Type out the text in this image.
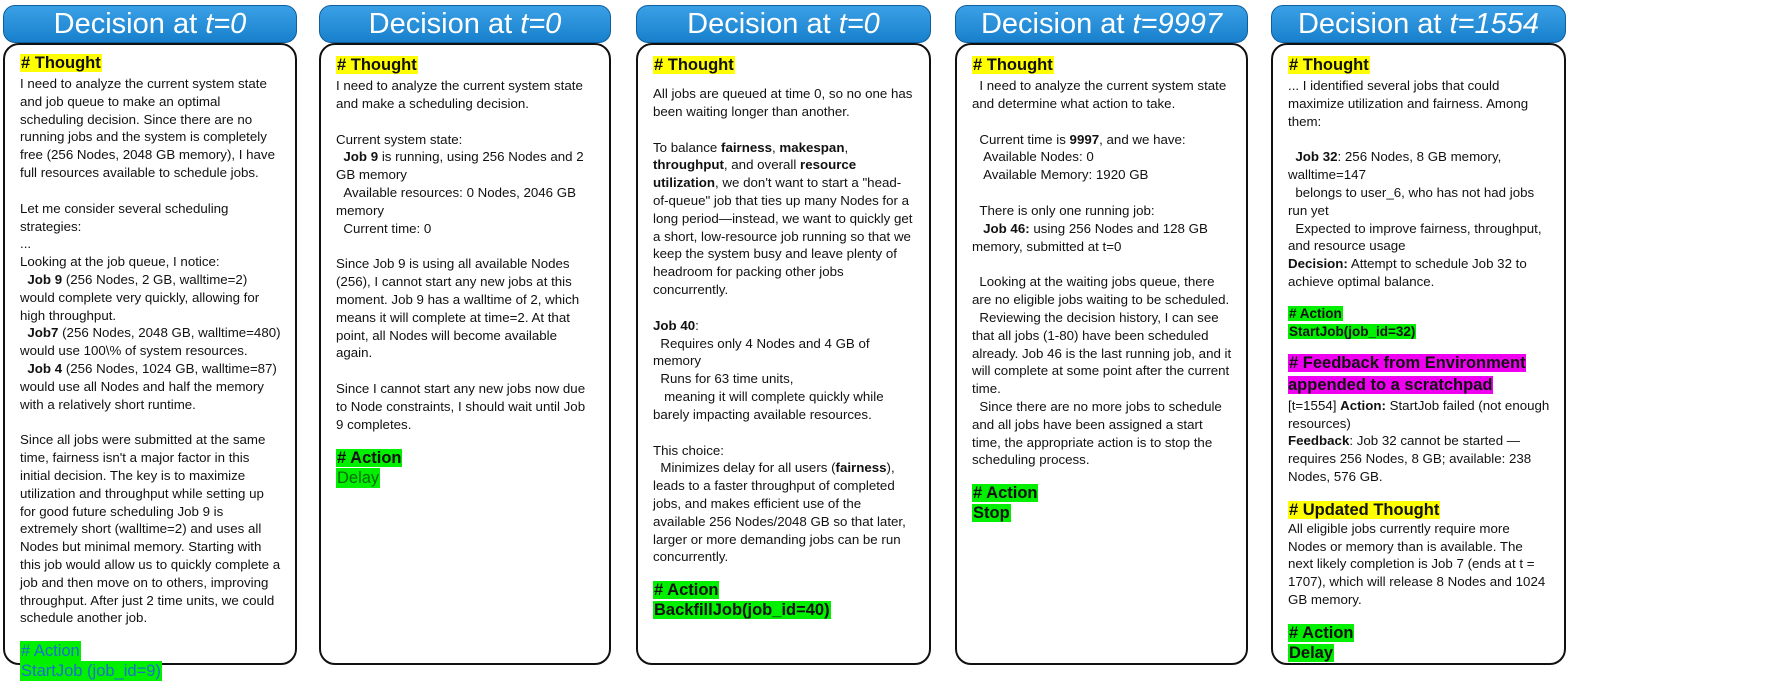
Decision at t=0
# Thought
I need to analyze the current system state and job queue to make an optimal scheduling decision. Since there are no running jobs and the system is completely free (256 Nodes, 2048 GB memory), I have full resources available to schedule jobs.
Let me consider several scheduling strategies:
...
Looking at the job queue, I notice:
Job 9 (256 Nodes, 2 GB, walltime=2) would complete very quickly, allowing for high throughput.
Job7 (256 Nodes, 2048 GB, walltime=480) would use 100\% of system resources.
Job 4 (256 Nodes, 1024 GB, walltime=87) would use all Nodes and half the memory with a relatively short runtime.
Since all jobs were submitted at the same time, fairness isn't a major factor in this initial decision. The key is to maximize utilization and throughput while setting up for good future scheduling Job 9 is extremely short (walltime=2) and uses all Nodes but minimal memory. Starting with this job would allow us to quickly complete a job and then move on to others, improving throughput. After just 2 time units, we could schedule another job.
# Action
StartJob (job_id=9)
Decision at t=0
# Thought
I need to analyze the current system state and make a scheduling decision.
Current system state:
Job 9 is running, using 256 Nodes and 2 GB memory
Available resources: 0 Nodes, 2046 GB memory
Current time: 0
Since Job 9 is using all available Nodes (256), I cannot start any new jobs at this moment. Job 9 has a walltime of 2, which means it will complete at time=2. At that point, all Nodes will become available again.
Since I cannot start any new jobs now due to Node constraints, I should wait until Job 9 completes.
# Action
Delay
Decision at t=0
# Thought
All jobs are queued at time 0, so no one has been waiting longer than another.
To balance fairness, makespan, throughput, and overall resource utilization, we don't want to start a "head-of-queue" job that ties up many Nodes for a long period—instead, we want to quickly get a short, low-resource job running so that we keep the system busy and leave plenty of headroom for packing other jobs concurrently.
Job 40:
Requires only 4 Nodes and 4 GB of memory
Runs for 63 time units,
meaning it will complete quickly while barely impacting available resources.
This choice:
Minimizes delay for all users (fairness), leads to a faster throughput of completed jobs, and makes efficient use of the available 256 Nodes/2048 GB so that later, larger or more demanding jobs can be run concurrently.
# Action
BackfillJob(job_id=40)
Decision at t=9997
# Thought
I need to analyze the current system state and determine what action to take.
Current time is 9997, and we have:
Available Nodes: 0
Available Memory: 1920 GB
There is only one running job:
Job 46: using 256 Nodes and 128 GB memory, submitted at t=0
Looking at the waiting jobs queue, there are no eligible jobs waiting to be scheduled.
Reviewing the decision history, I can see that all jobs (1-80) have been scheduled already. Job 46 is the last running job, and it will complete at some point after the current time.
Since there are no more jobs to schedule and all jobs have been assigned a start time, the appropriate action is to stop the scheduling process.
# Action
Stop
Decision at t=1554
# Thought
... I identified several jobs that could maximize utilization and fairness. Among them:
Job 32: 256 Nodes, 8 GB memory, walltime=147
belongs to user_6, who has not had jobs run yet
Expected to improve fairness, throughput, and resource usage
Decision: Attempt to schedule Job 32 to achieve optimal balance.
# Action
StartJob(job_id=32)
# Feedback from Environment appended to a scratchpad
[t=1554] Action: StartJob failed (not enough resources)
Feedback: Job 32 cannot be started — requires 256 Nodes, 8 GB; available: 238 Nodes, 576 GB.
# Updated Thought
All eligible jobs currently require more Nodes or memory than is available. The next likely completion is Job 7 (ends at t = 1707), which will release 8 Nodes and 1024 GB memory.
# Action
Delay
